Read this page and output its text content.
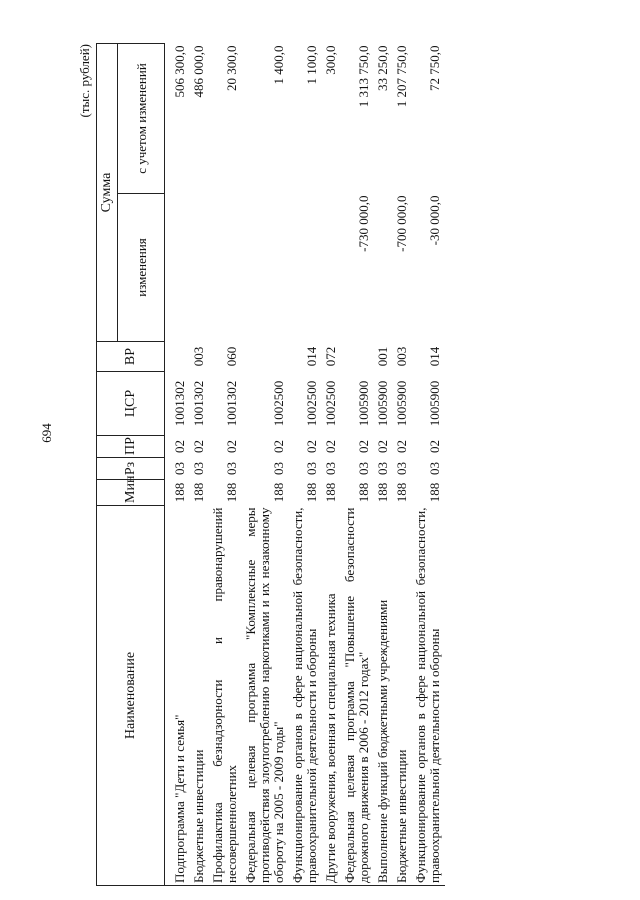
694
(тыс. рублей)
Наименование	Мин	Рз	ПР	ЦСР	ВР	Сумма	
						изменения	с учетом изменений
Подпрограмма "Дети и семья"	188	03	02	1001302			506 300,0
Бюджетные инвестиции	188	03	02	1001302	003		486 000,0
Профилактика безнадзорности и правонарушений несовершеннолетних	188	03	02	1001302	060		20 300,0
Федеральная целевая программа "Комплексные меры противодействия злоупотреблению наркотиками и их незаконному обороту на 2005 - 2009 годы"	188	03	02	1002500			1 400,0
Функционирование органов в сфере национальной безопасности, правоохранительной деятельности и обороны	188	03	02	1002500	014		1 100,0
Другие вооружения, военная и специальная техника	188	03	02	1002500	072		300,0
Федеральная целевая программа "Повышение безопасности дорожного движения в 2006 - 2012 годах"	188	03	02	1005900		-730 000,0	1 313 750,0
Выполнение функций бюджетными учреждениями	188	03	02	1005900	001		33 250,0
Бюджетные инвестиции	188	03	02	1005900	003	-700 000,0	1 207 750,0
Функционирование органов в сфере национальной безопасности, правоохранительной деятельности и обороны	188	03	02	1005900	014	-30 000,0	72 750,0
